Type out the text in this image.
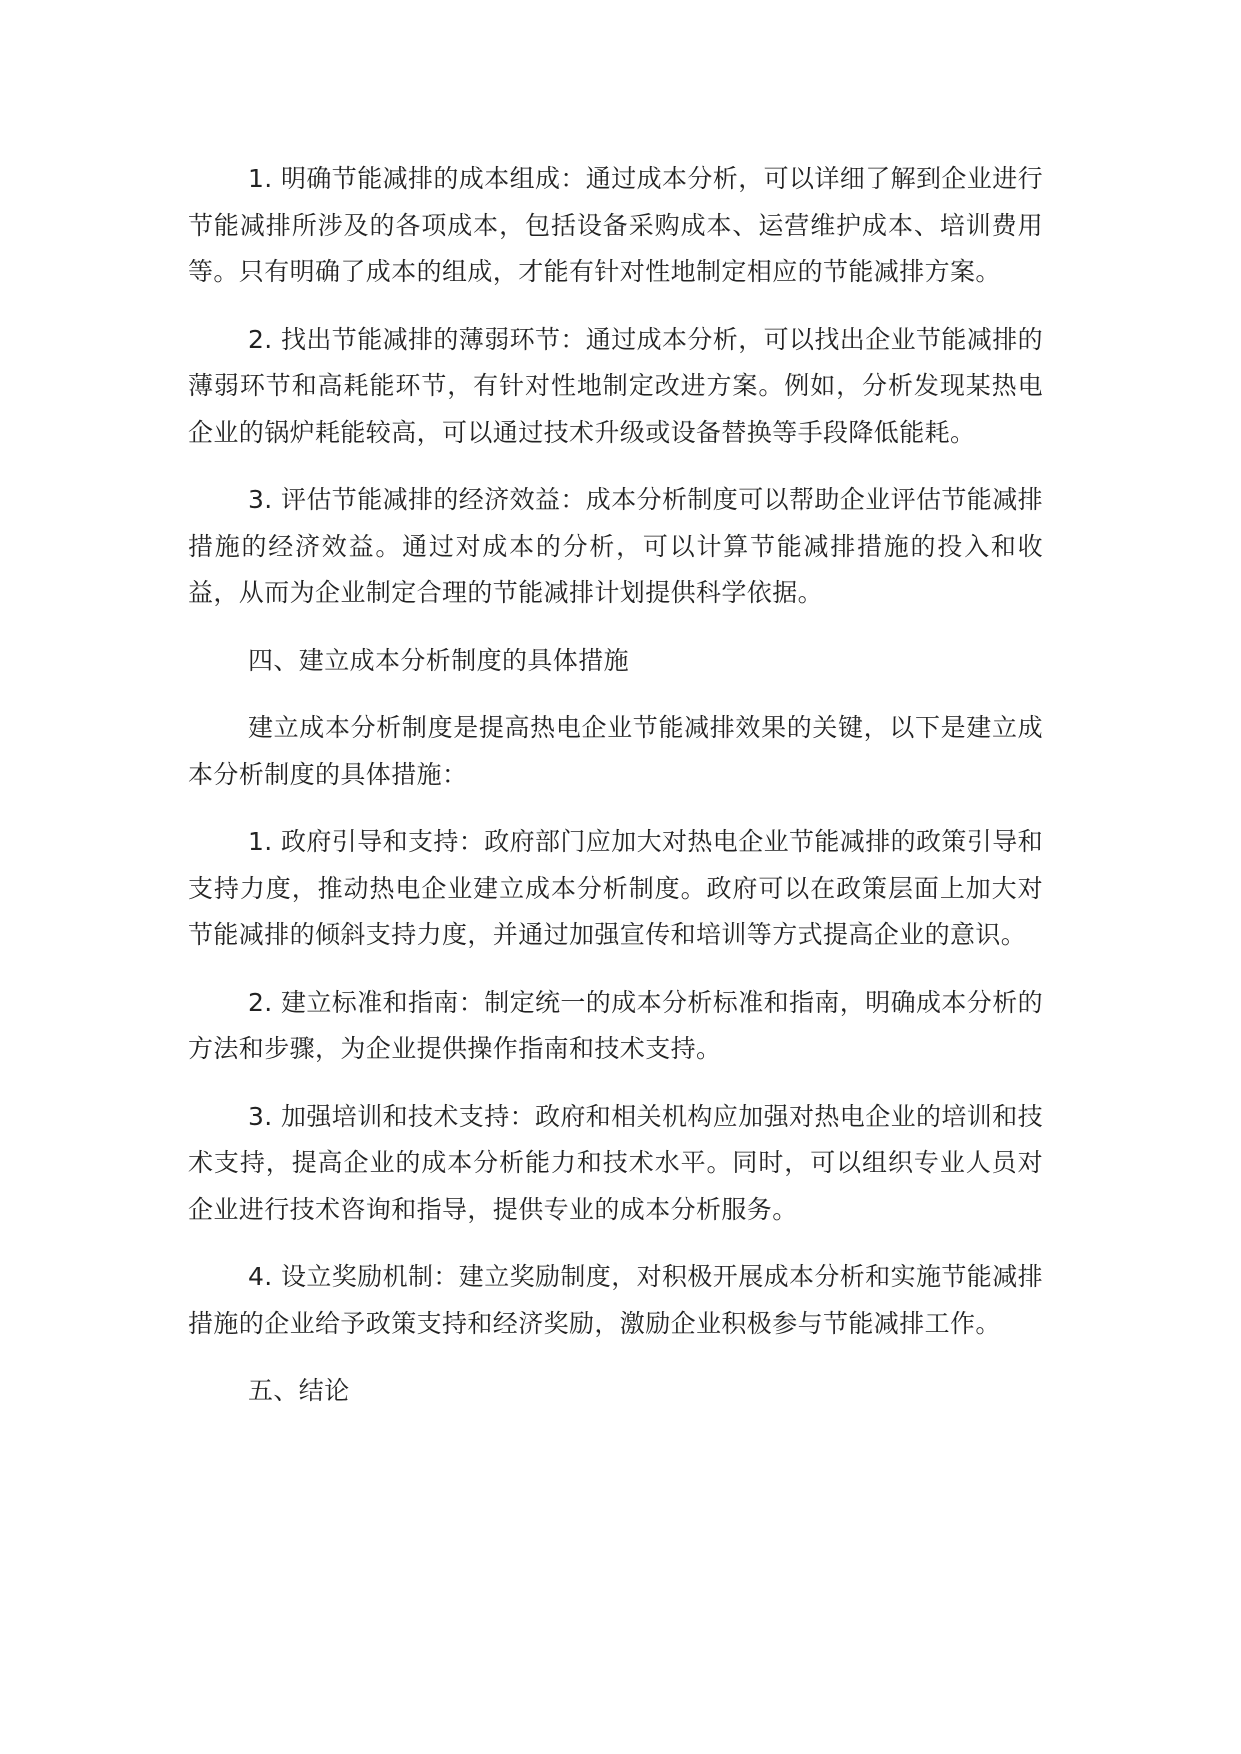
1. 明确节能减排的成本组成：通过成本分析，可以详细了解到企业进行节能减排所涉及的各项成本，包括设备采购成本、运营维护成本、培训费用等。只有明确了成本的组成，才能有针对性地制定相应的节能减排方案。

2. 找出节能减排的薄弱环节：通过成本分析，可以找出企业节能减排的薄弱环节和高耗能环节，有针对性地制定改进方案。例如，分析发现某热电企业的锅炉耗能较高，可以通过技术升级或设备替换等手段降低能耗。

3. 评估节能减排的经济效益：成本分析制度可以帮助企业评估节能减排措施的经济效益。通过对成本的分析，可以计算节能减排措施的投入和收益，从而为企业制定合理的节能减排计划提供科学依据。

四、建立成本分析制度的具体措施

建立成本分析制度是提高热电企业节能减排效果的关键，以下是建立成本分析制度的具体措施：

1. 政府引导和支持：政府部门应加大对热电企业节能减排的政策引导和支持力度，推动热电企业建立成本分析制度。政府可以在政策层面上加大对节能减排的倾斜支持力度，并通过加强宣传和培训等方式提高企业的意识。

2. 建立标准和指南：制定统一的成本分析标准和指南，明确成本分析的方法和步骤，为企业提供操作指南和技术支持。

3. 加强培训和技术支持：政府和相关机构应加强对热电企业的培训和技术支持，提高企业的成本分析能力和技术水平。同时，可以组织专业人员对企业进行技术咨询和指导，提供专业的成本分析服务。

4. 设立奖励机制：建立奖励制度，对积极开展成本分析和实施节能减排措施的企业给予政策支持和经济奖励，激励企业积极参与节能减排工作。

五、结论
